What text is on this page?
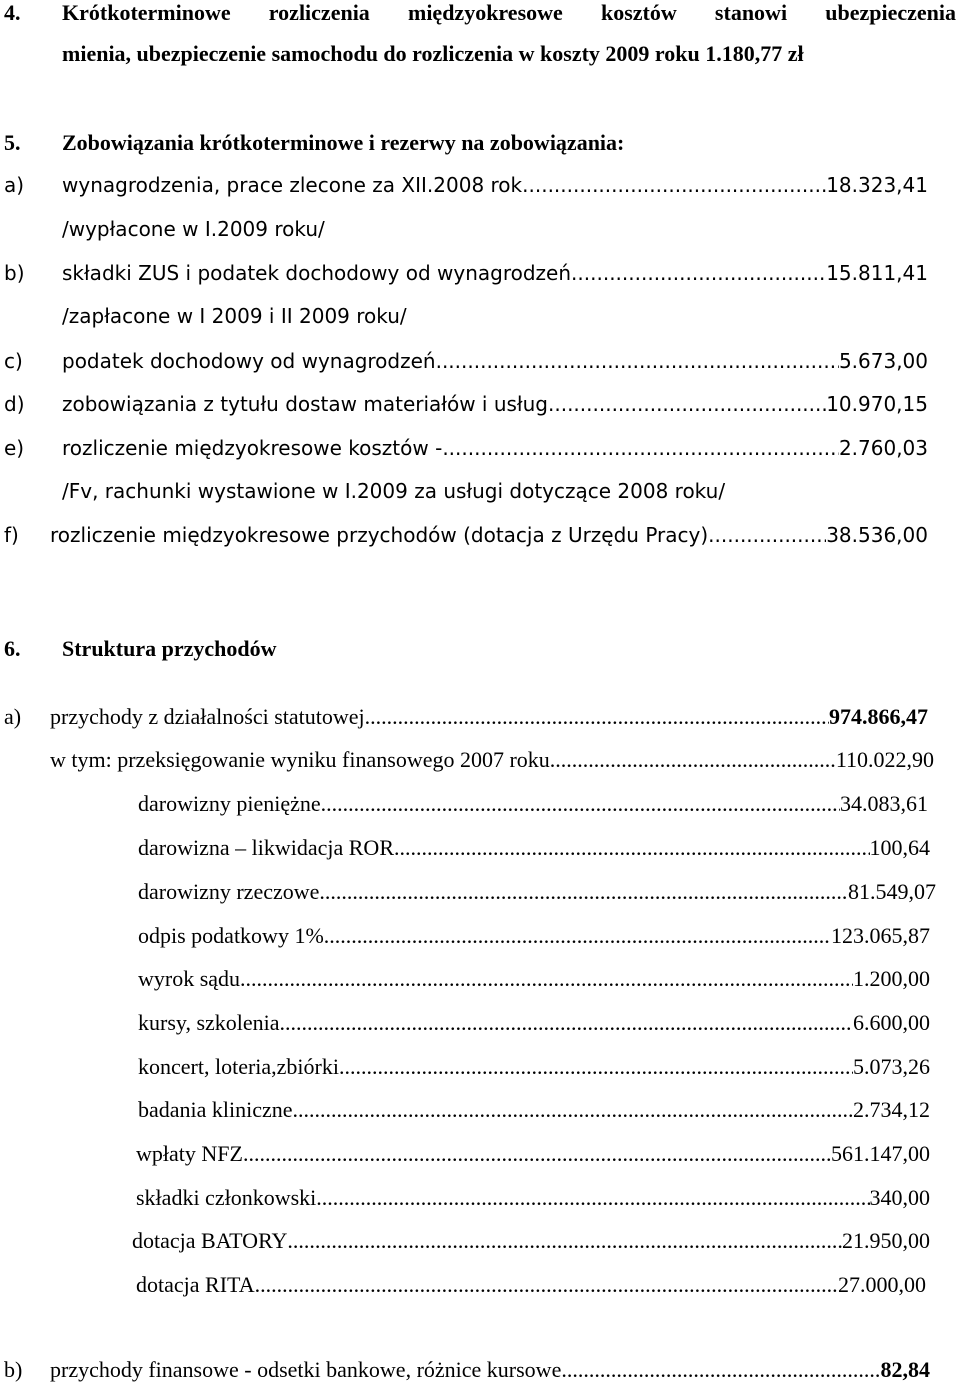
4. Krótkoterminowe rozliczenia międzyokresowe kosztów stanowi ubezpieczenia
mienia, ubezpieczenie samochodu do rozliczenia w koszty 2009 roku 1.180,77 zł
5. Zobowiązania krótkoterminowe i rezerwy na zobowiązania:
a) wynagrodzenia, prace zlecone za XII.2008 rok .....	18.323,41
/wypłacone w I.2009 roku/
b) składki ZUS i podatek dochodowy od wynagrodzeń .....	15.811,41
/zapłacone w I 2009 i II 2009 roku/
c) podatek dochodowy od wynagrodzeń .....	5.673,00
d) zobowiązania z tytułu dostaw materiałów i usług .....	10.970,15
e) rozliczenie międzyokresowe kosztów - .....	2.760,03
/Fv, rachunki wystawione w I.2009 za usługi dotyczące 2008 roku/
f) rozliczenie międzyokresowe przychodów (dotacja z Urzędu Pracy) .....	38.536,00
6. Struktura przychodów
a) przychody z działalności statutowej .....	974.866,47
w tym: przeksięgowanie wyniku finansowego 2007 roku .....	110.022,90
darowizny pieniężne .....	34.083,61
darowizna – likwidacja ROR .....	100,64
darowizny rzeczowe .....	81.549,07
odpis podatkowy 1% .....	123.065,87
wyrok sądu .....	1.200,00
kursy, szkolenia .....	6.600,00
koncert, loteria,zbiórki .....	5.073,26
badania kliniczne .....	2.734,12
wpłaty NFZ .....	561.147,00
składki członkowski .....	340,00
dotacja BATORY .....	21.950,00
dotacja RITA .....	27.000,00
b) przychody finansowe - odsetki bankowe, różnice kursowe .....	82,84
